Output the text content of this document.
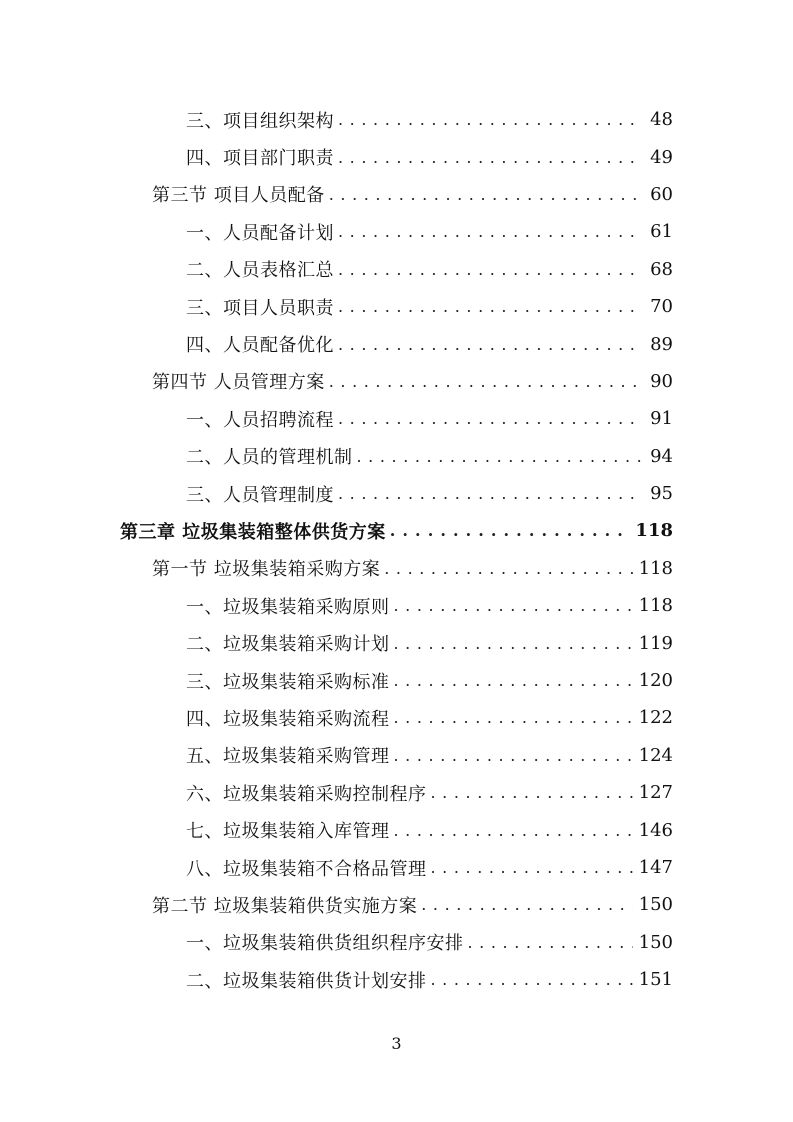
三、项目组织架构 . . .	48
四、项目部门职责 . . .	49
第三节 项目人员配备 . . .	60
一、人员配备计划 . . .	61
二、人员表格汇总 . . .	68
三、项目人员职责 . . .	70
四、人员配备优化 . . .	89
第四节 人员管理方案 . . .	90
一、人员招聘流程 . . .	91
二、人员的管理机制 . . .	94
三、人员管理制度 . . .	95
第三章 垃圾集装箱整体供货方案 . . .	118
第一节 垃圾集装箱采购方案 . . .	118
一、垃圾集装箱采购原则 . . .	118
二、垃圾集装箱采购计划 . . .	119
三、垃圾集装箱采购标准 . . .	120
四、垃圾集装箱采购流程 . . .	122
五、垃圾集装箱采购管理 . . .	124
六、垃圾集装箱采购控制程序 . . .	127
七、垃圾集装箱入库管理 . . .	146
八、垃圾集装箱不合格品管理 . . .	147
第二节 垃圾集装箱供货实施方案 . . .	150
一、垃圾集装箱供货组织程序安排 . . .	150
二、垃圾集装箱供货计划安排 . . .	151
3
